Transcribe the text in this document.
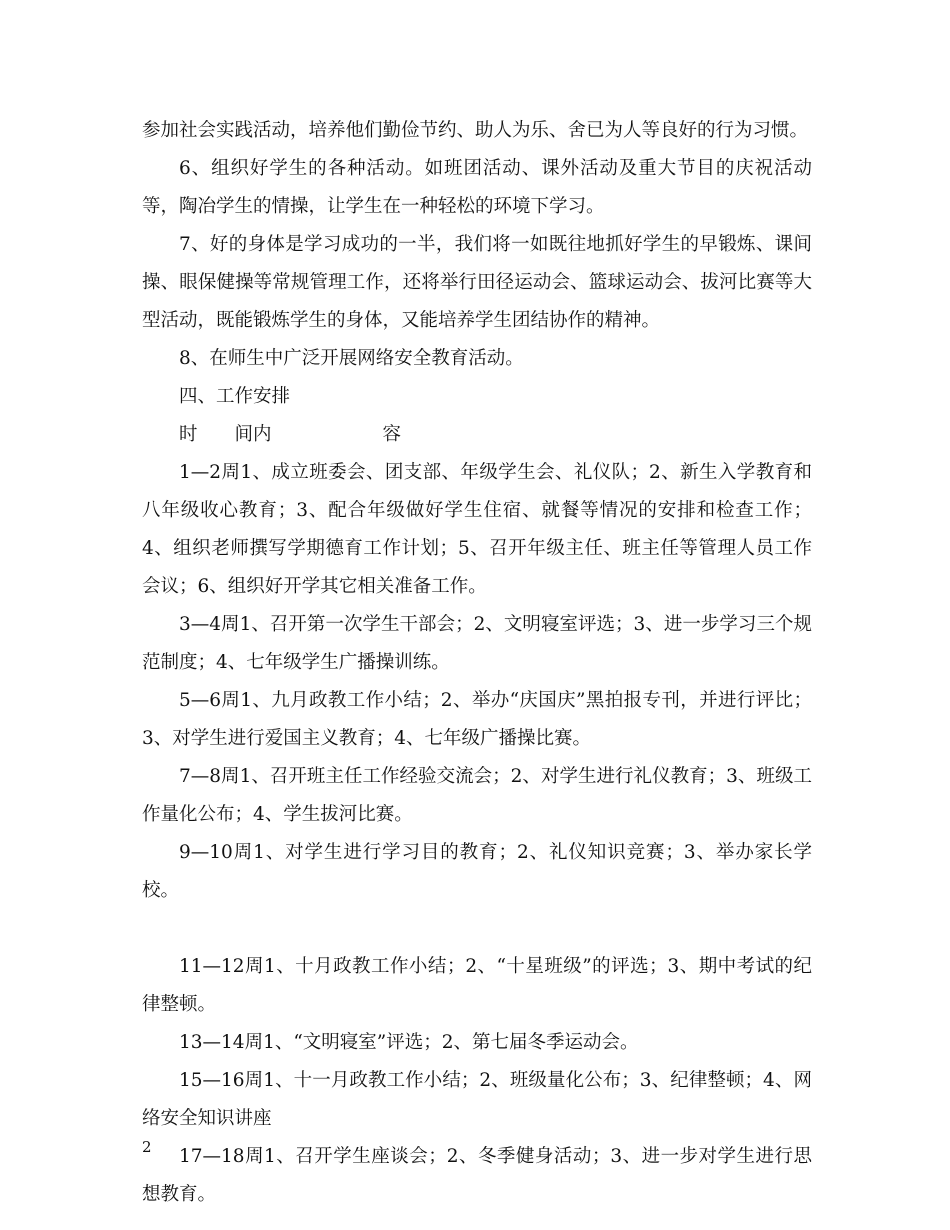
参加社会实践活动，培养他们勤俭节约、助人为乐、舍已为人等良好的行为习惯。

6、组织好学生的各种活动。如班团活动、课外活动及重大节目的庆祝活动等，陶冶学生的情操，让学生在一种轻松的环境下学习。

7、好的身体是学习成功的一半，我们将一如既往地抓好学生的早锻炼、课间操、眼保健操等常规管理工作，还将举行田径运动会、篮球运动会、拔河比赛等大型活动，既能锻炼学生的身体，又能培养学生团结协作的精神。

8、在师生中广泛开展网络安全教育活动。

四、工作安排

时　　间内　　　　　　容

1—2周1、成立班委会、团支部、年级学生会、礼仪队；2、新生入学教育和八年级收心教育；3、配合年级做好学生住宿、就餐等情况的安排和检查工作；4、组织老师撰写学期德育工作计划；5、召开年级主任、班主任等管理人员工作会议；6、组织好开学其它相关准备工作。

3—4周1、召开第一次学生干部会；2、文明寝室评选；3、进一步学习三个规范制度；4、七年级学生广播操训练。

5—6周1、九月政教工作小结；2、举办“庆国庆”黑拍报专刊，并进行评比；3、对学生进行爱国主义教育；4、七年级广播操比赛。

7—8周1、召开班主任工作经验交流会；2、对学生进行礼仪教育；3、班级工作量化公布；4、学生拔河比赛。

9—10周1、对学生进行学习目的教育；2、礼仪知识竞赛；3、举办家长学校。

11—12周1、十月政教工作小结；2、“十星班级”的评选；3、期中考试的纪律整顿。

13—14周1、“文明寝室”评选；2、第七届冬季运动会。

15—16周1、十一月政教工作小结；2、班级量化公布；3、纪律整顿；4、网络安全知识讲座

17—18周1、召开学生座谈会；2、冬季健身活动；3、进一步对学生进行思想教育。

2
